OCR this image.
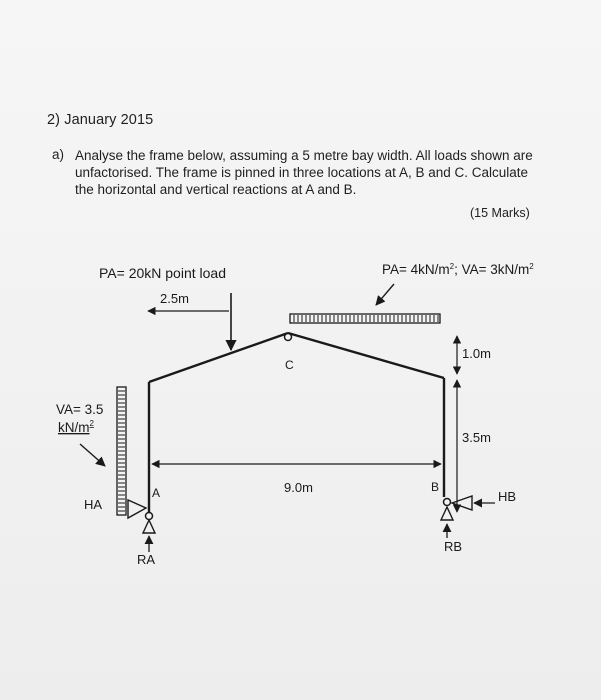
2) January 2015
a) Analyse the frame below, assuming a 5 metre bay width. All loads shown are unfactorised. The frame is pinned in three locations at A, B and C. Calculate the horizontal and vertical reactions at A and B.
(15 Marks)
C
PA= 20kN point load
2.5m
$PA= 4kN/m^2$; $VA= 3kN/m^2$
VA= 3.5
$kN/m^2$
1.0m
3.5m
9.0m
A
HA
RA
B
HB
RB
